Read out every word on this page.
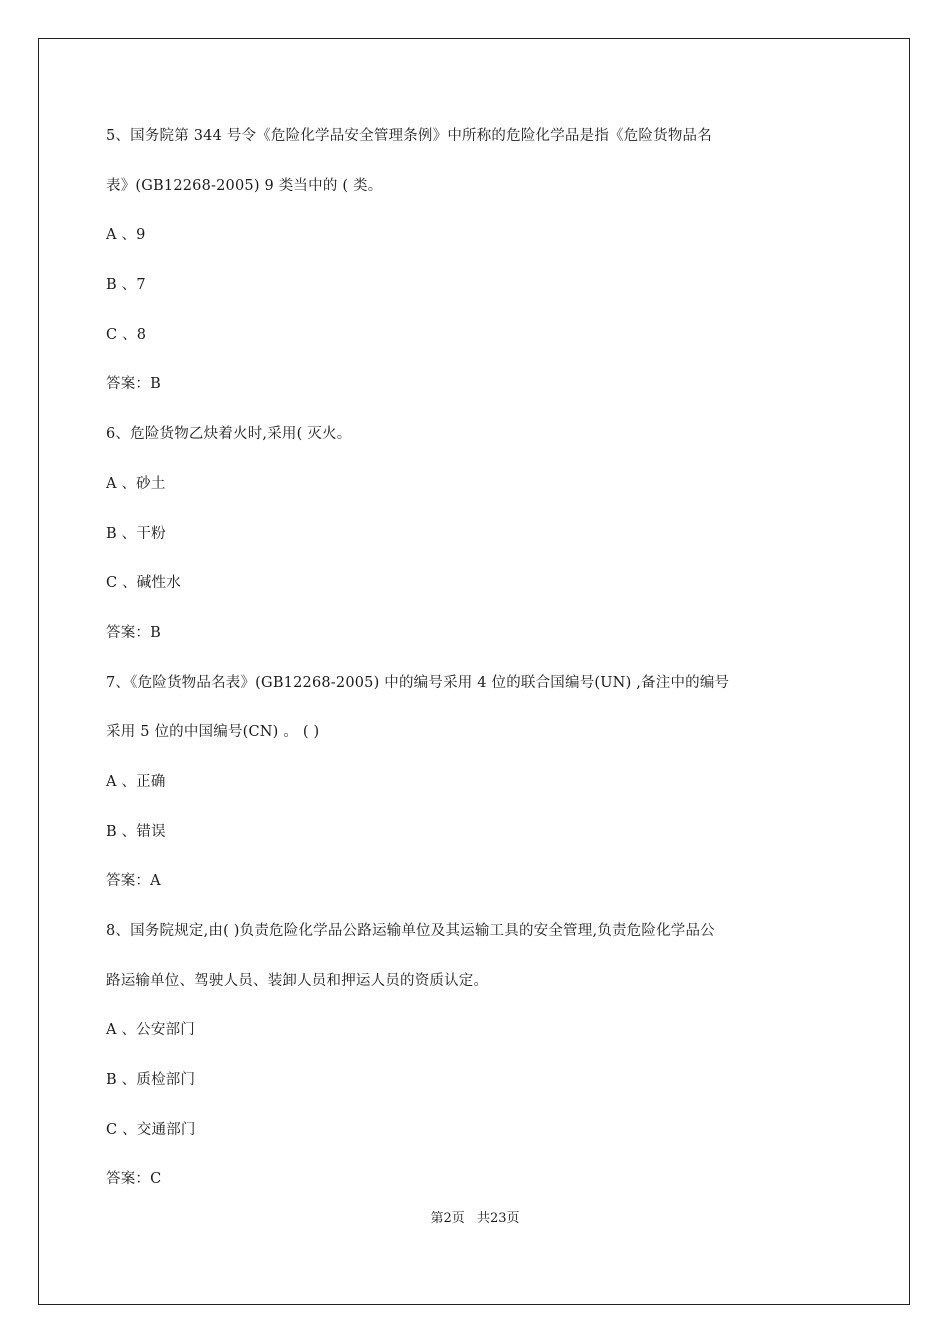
5、国务院第 344 号令《危险化学品安全管理条例》中所称的危险化学品是指《危险货物品名
表》(GB12268-2005) 9 类当中的 ( 类。
A 、9
B 、7
C 、8
答案：B
6、危险货物乙炔着火时,采用( 灭火。
A 、砂土
B 、干粉
C 、碱性水
答案：B
7、《危险货物品名表》(GB12268-2005) 中的编号采用 4 位的联合国编号(UN) ,备注中的编号
采用 5 位的中国编号(CN) 。 ( )
A 、正确
B 、错误
答案：A
8、国务院规定,由( )负责危险化学品公路运输单位及其运输工具的安全管理,负责危险化学品公
路运输单位、驾驶人员、装卸人员和押运人员的资质认定。
A 、公安部门
B 、质检部门
C 、交通部门
答案：C
第2页 共23页
